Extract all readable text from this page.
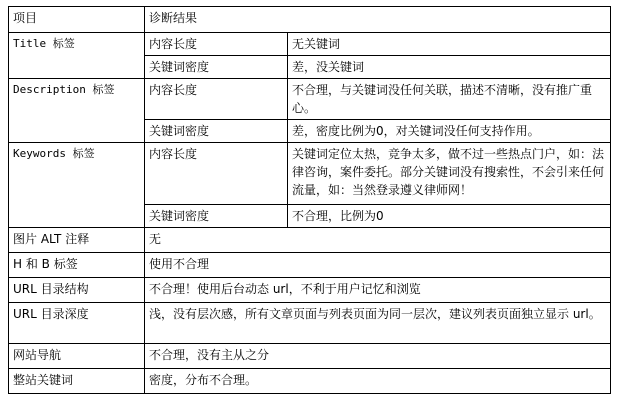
项目	诊断结果	
Title 标签	内容长度	无关键词
	关键词密度	差，没关键词
Description 标签	内容长度	不合理，与关键词没任何关联，描述不清晰，没有推广重心。
	关键词密度	差，密度比例为0，对关键词没任何支持作用。
Keywords 标签	内容长度	关键词定位太热，竞争太多，做不过一些热点门户，如：法律咨询，案件委托。部分关键词没有搜索性，不会引来任何流量，如：当然登录遵义律师网！
	关键词密度	不合理，比例为0
图片 ALT 注释	无	
H 和 B 标签	使用不合理	
URL 目录结构	不合理！使用后台动态 url，不利于用户记忆和浏览	
URL 目录深度	浅，没有层次感，所有文章页面与列表页面为同一层次，建议列表页面独立显示 url。	
网站导航	不合理，没有主从之分	
整站关键词	密度，分布不合理。	
